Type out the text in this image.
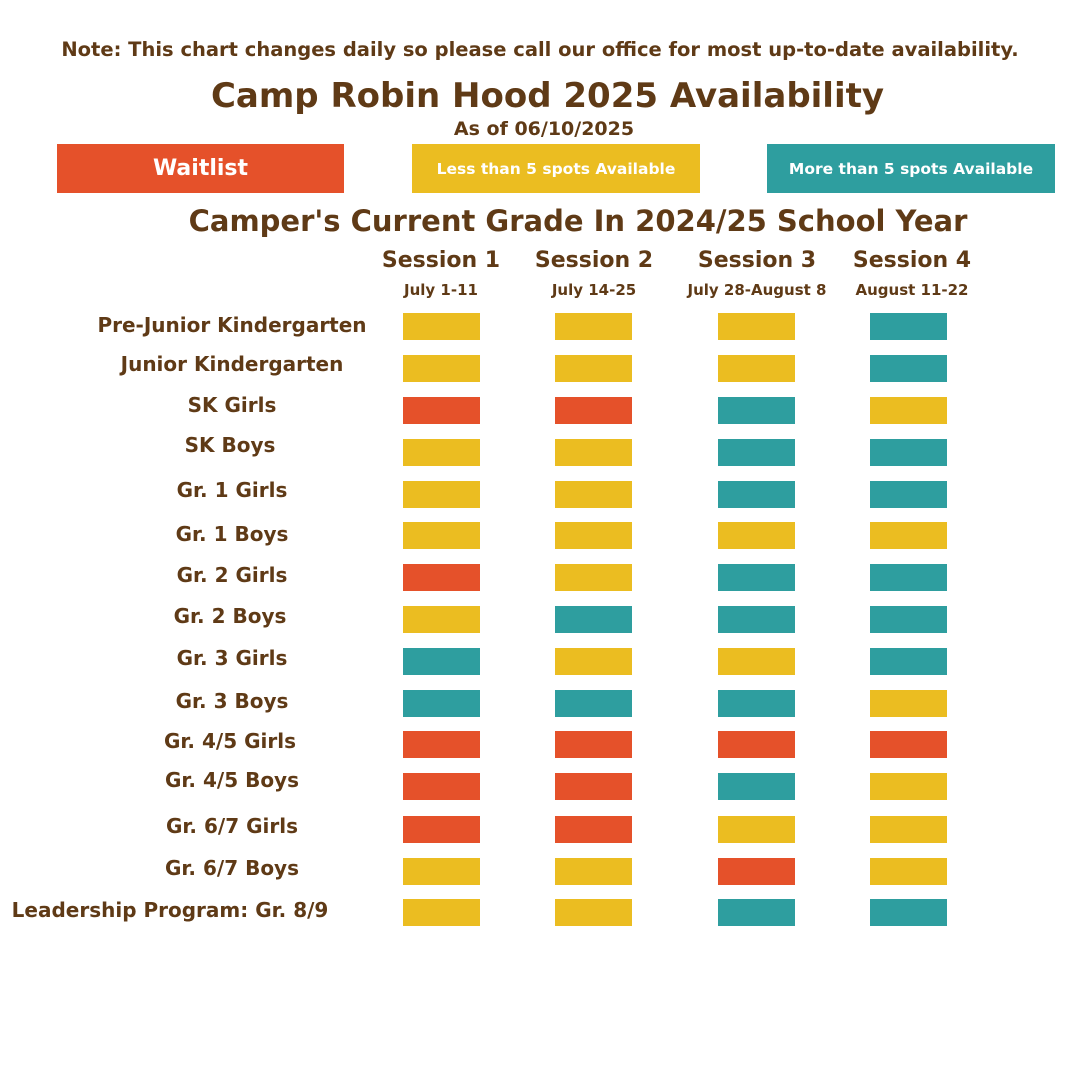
Note: This chart changes daily so please call our office for most up-to-date availability.
Camp Robin Hood 2025 Availability
As of 06/10/2025
Waitlist	Less than 5 spots Available	More than 5 spots Available
Camper's Current Grade In 2024/25 School Year
Session 1
July 1-11
Session 2
July 14-25
Session 3
July 28-August 8
Session 4
August 11-22
Pre-Junior Kindergarten
Junior Kindergarten
SK Girls
SK Boys
Gr. 1 Girls
Gr. 1 Boys
Gr. 2 Girls
Gr. 2 Boys
Gr. 3 Girls
Gr. 3 Boys
Gr. 4/5 Girls
Gr. 4/5 Boys
Gr. 6/7 Girls
Gr. 6/7 Boys
Leadership Program: Gr. 8/9
